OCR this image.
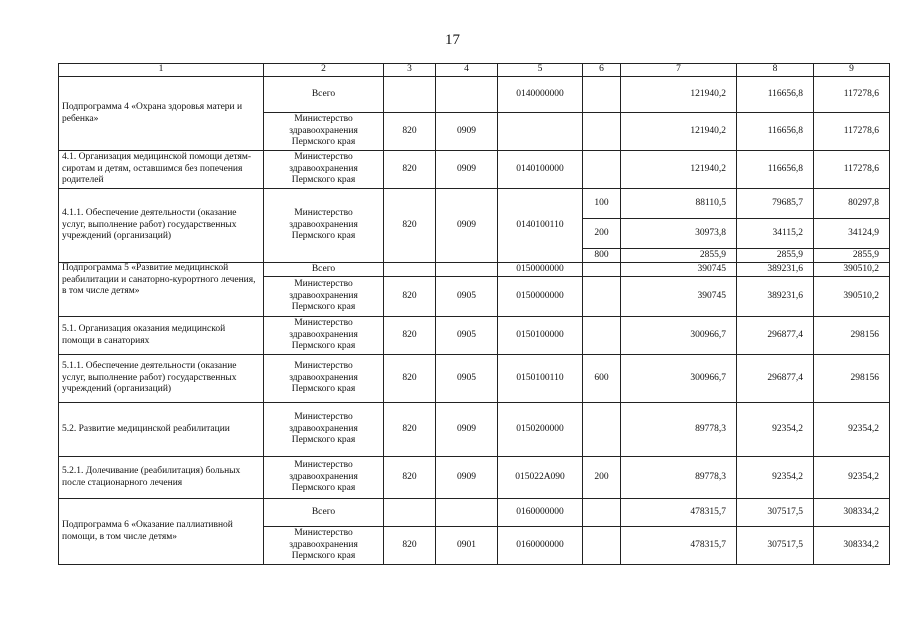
17
1	2	3	4	5	6	7	8	9
Подпрограмма 4 «Охрана здоровья матери и ребенка»	Всего			0140000000		121940,2	116656,8	117278,6
	Министерство здравоохранения Пермского края	820	0909			121940,2	116656,8	117278,6
4.1. Организация медицинской помощи детям-сиротам и детям, оставшимся без попечения родителей	Министерство здравоохранения Пермского края	820	0909	0140100000		121940,2	116656,8	117278,6
4.1.1. Обеспечение деятельности (оказание услуг, выполнение работ) государственных учреждений (организаций)	Министерство здравоохранения Пермского края	820	0909	0140100110	100	88110,5	79685,7	80297,8
					200	30973,8	34115,2	34124,9
					800	2855,9	2855,9	2855,9
Подпрограмма 5 «Развитие медицинской реабилитации и санаторно-курортного лечения, в том числе детям»	Всего			0150000000		390745	389231,6	390510,2
	Министерство здравоохранения Пермского края	820	0905	0150000000		390745	389231,6	390510,2
5.1. Организация оказания медицинской помощи в санаториях	Министерство здравоохранения Пермского края	820	0905	0150100000		300966,7	296877,4	298156
5.1.1. Обеспечение деятельности (оказание услуг, выполнение работ) государственных учреждений (организаций)	Министерство здравоохранения Пермского края	820	0905	0150100110	600	300966,7	296877,4	298156
5.2. Развитие медицинской реабилитации	Министерство здравоохранения Пермского края	820	0909	0150200000		89778,3	92354,2	92354,2
5.2.1. Долечивание (реабилитация) больных после стационарного лечения	Министерство здравоохранения Пермского края	820	0909	015022А090	200	89778,3	92354,2	92354,2
Подпрограмма 6 «Оказание паллиативной помощи, в том числе детям»	Всего			0160000000		478315,7	307517,5	308334,2
	Министерство здравоохранения Пермского края	820	0901	0160000000		478315,7	307517,5	308334,2
